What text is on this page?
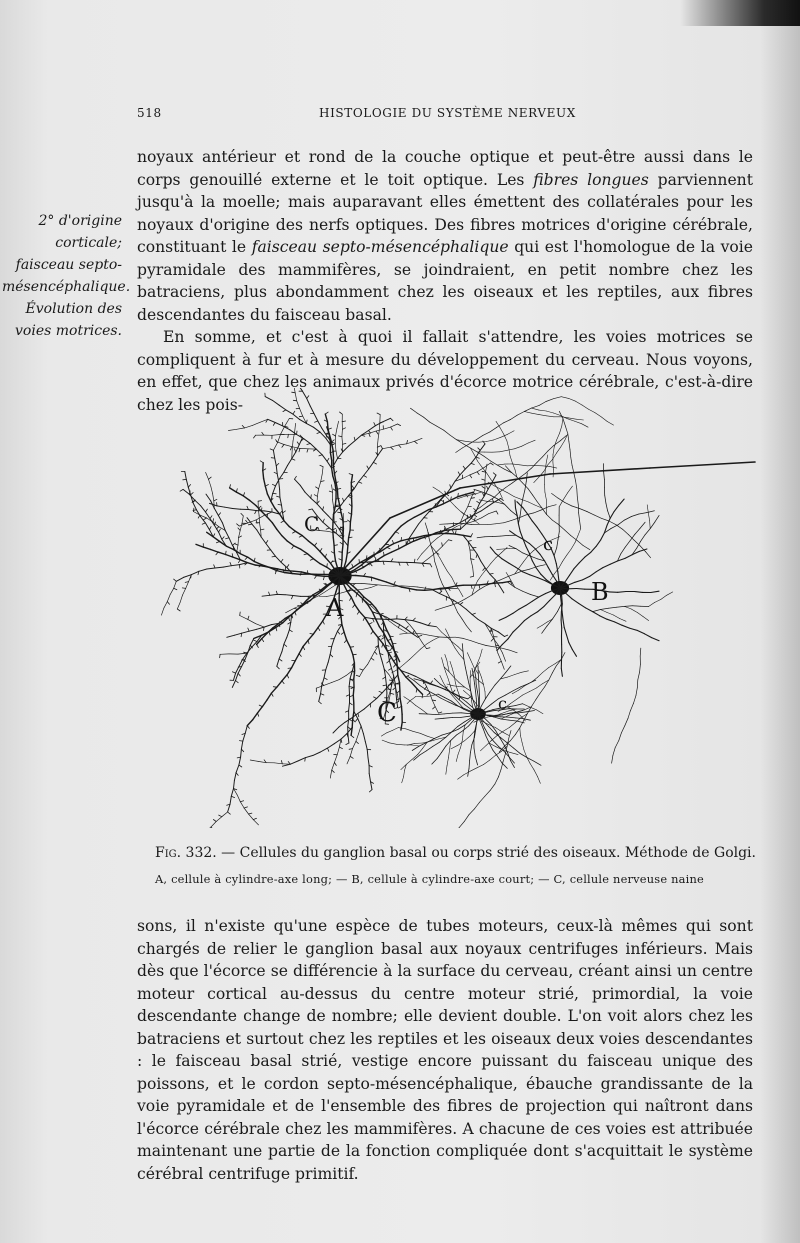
518	HISTOLOGIE DU SYSTÈME NERVEUX
2° d'origine corticale; faisceau septo-mésencéphalique.
Évolution des voies motrices.

noyaux antérieur et rond de la couche optique et peut-être aussi dans le corps genouillé externe et le toit optique. Les fibres longues parviennent jusqu'à la moelle; mais auparavant elles émettent des collatérales pour les noyaux d'origine des nerfs optiques. Des fibres motrices d'origine cérébrale, constituant le faisceau septo-mésencéphalique qui est l'homologue de la voie pyramidale des mammifères, se joindraient, en petit nombre chez les batraciens, plus abondamment chez les oiseaux et les reptiles, aux fibres descendantes du faisceau basal.

En somme, et c'est à quoi il fallait s'attendre, les voies motrices se compliquent à fur et à mesure du développement du cerveau. Nous voyons, en effet, que chez les animaux privés d'écorce motrice cérébrale, c'est-à-dire chez les pois-

A
B
C
C
c
c
Fig. 332. — Cellules du ganglion basal ou corps strié des oiseaux. Méthode de Golgi.
A, cellule à cylindre-axe long; — B, cellule à cylindre-axe court; — C, cellule nerveuse naine

sons, il n'existe qu'une espèce de tubes moteurs, ceux-là mêmes qui sont chargés de relier le ganglion basal aux noyaux centrifuges inférieurs. Mais dès que l'écorce se différencie à la surface du cerveau, créant ainsi un centre moteur cortical au-dessus du centre moteur strié, primordial, la voie descendante change de nombre; elle devient double. L'on voit alors chez les batraciens et surtout chez les reptiles et les oiseaux deux voies descendantes : le faisceau basal strié, vestige encore puissant du faisceau unique des poissons, et le cordon septo-mésencéphalique, ébauche grandissante de la voie pyramidale et de l'ensemble des fibres de projection qui naîtront dans l'écorce cérébrale chez les mammifères. A chacune de ces voies est attribuée maintenant une partie de la fonction compliquée dont s'acquittait le système cérébral centrifuge primitif.
